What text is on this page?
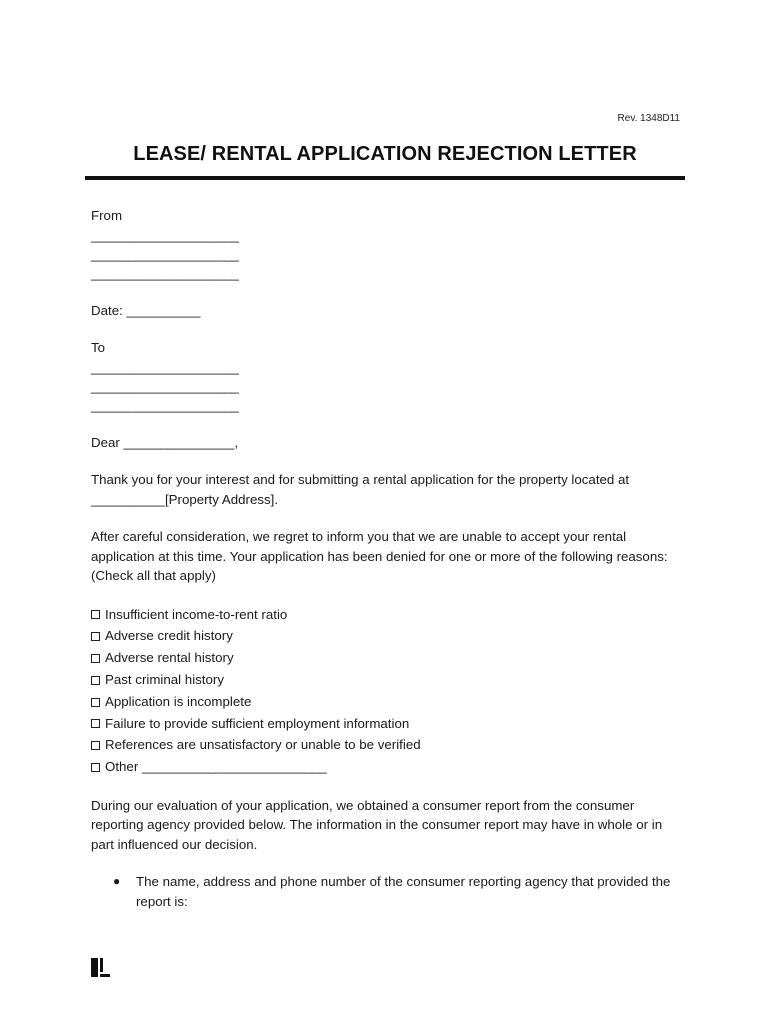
Rev. 1348D11
LEASE/ RENTAL APPLICATION REJECTION LETTER

From

____________________
____________________
____________________

Date: __________

To

____________________
____________________
____________________

Dear _______________,

Thank you for your interest and for submitting a rental application for the property located at __________[Property Address].

After careful consideration, we regret to inform you that we are unable to accept your rental application at this time. Your application has been denied for one or more of the following reasons: (Check all that apply)

Insufficient income-to-rent ratio
Adverse credit history
Adverse rental history
Past criminal history
Application is incomplete
Failure to provide sufficient employment information
References are unsatisfactory or unable to be verified
Other _________________________

During our evaluation of your application, we obtained a consumer report from the consumer reporting agency provided below. The information in the consumer report may have in whole or in part influenced our decision.

●	The name, address and phone number of the consumer reporting agency that provided the report is:
